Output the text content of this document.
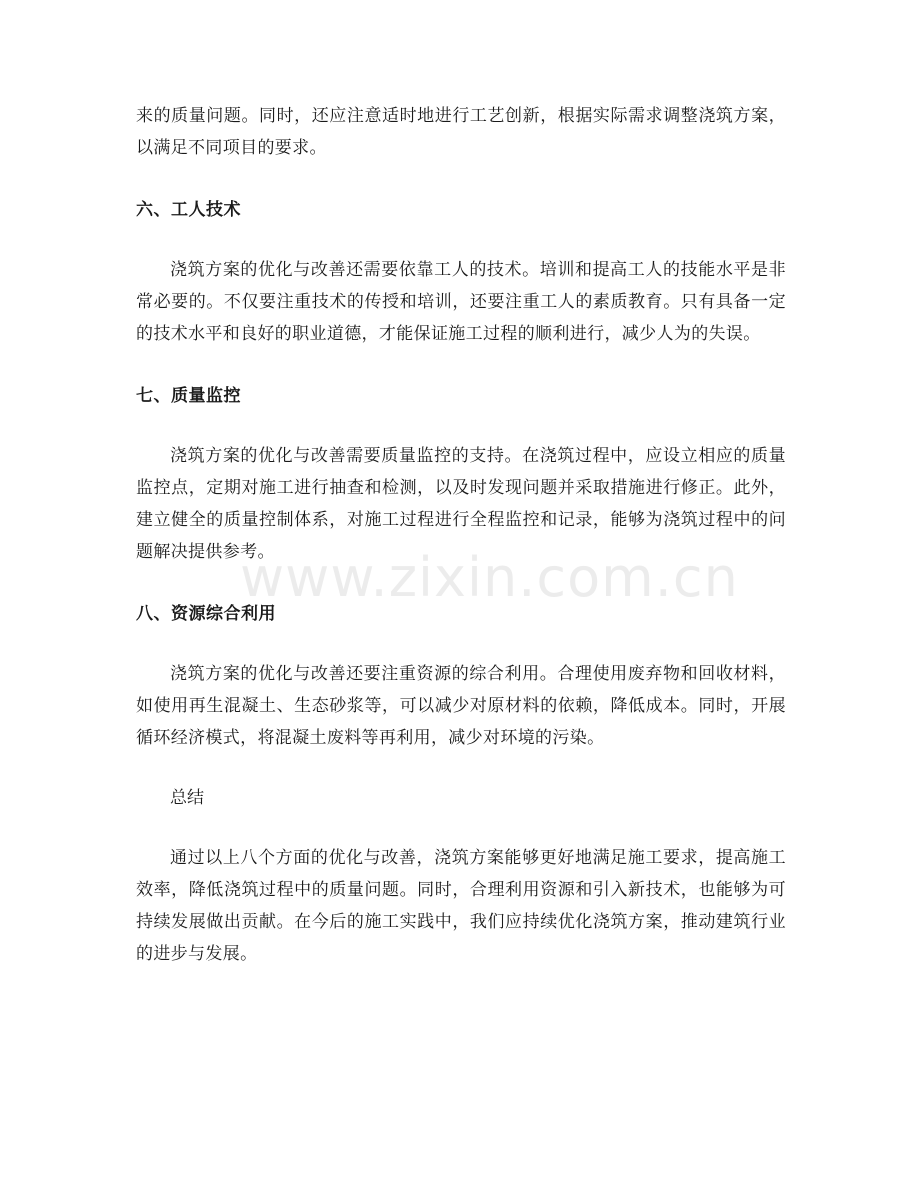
来的质量问题。同时，还应注意适时地进行工艺创新，根据实际需求调整浇筑方案，以满足不同项目的要求。

六、工人技术

浇筑方案的优化与改善还需要依靠工人的技术。培训和提高工人的技能水平是非常必要的。不仅要注重技术的传授和培训，还要注重工人的素质教育。只有具备一定的技术水平和良好的职业道德，才能保证施工过程的顺利进行，减少人为的失误。

七、质量监控

浇筑方案的优化与改善需要质量监控的支持。在浇筑过程中，应设立相应的质量监控点，定期对施工进行抽查和检测，以及时发现问题并采取措施进行修正。此外，建立健全的质量控制体系，对施工过程进行全程监控和记录，能够为浇筑过程中的问题解决提供参考。

八、资源综合利用

浇筑方案的优化与改善还要注重资源的综合利用。合理使用废弃物和回收材料，如使用再生混凝土、生态砂浆等，可以减少对原材料的依赖，降低成本。同时，开展循环经济模式，将混凝土废料等再利用，减少对环境的污染。

总结

通过以上八个方面的优化与改善，浇筑方案能够更好地满足施工要求，提高施工效率，降低浇筑过程中的质量问题。同时，合理利用资源和引入新技术，也能够为可持续发展做出贡献。在今后的施工实践中，我们应持续优化浇筑方案，推动建筑行业的进步与发展。

www.zixin.com.cn
